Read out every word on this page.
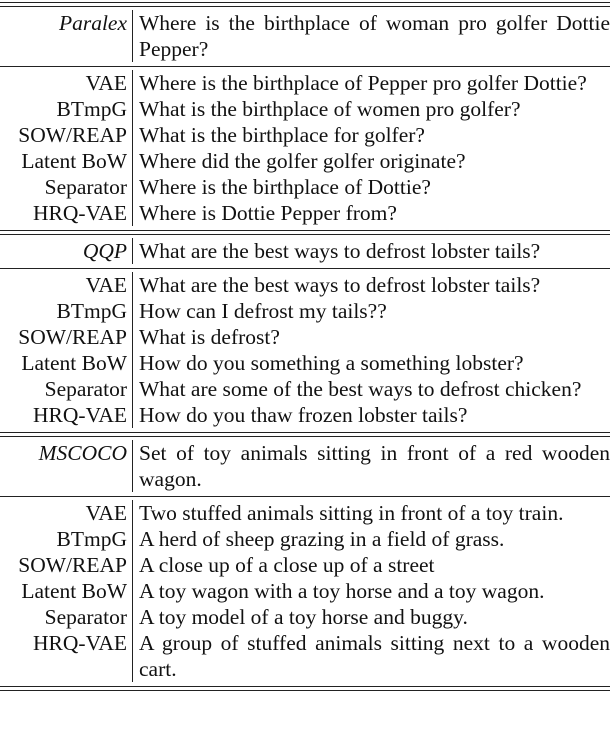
Paralex Where is the birthplace of woman pro golfer Dottie Pepper?
VAE Where is the birthplace of Pepper pro golfer Dottie?
BTmpG What is the birthplace of women pro golfer?
SOW/REAP What is the birthplace for golfer?
Latent BoW Where did the golfer golfer originate?
Separator Where is the birthplace of Dottie?
HRQ-VAE Where is Dottie Pepper from?
QQP What are the best ways to defrost lobster tails?
VAE What are the best ways to defrost lobster tails?
BTmpG How can I defrost my tails??
SOW/REAP What is defrost?
Latent BoW How do you something a something lobster?
Separator What are some of the best ways to defrost chicken?
HRQ-VAE How do you thaw frozen lobster tails?
MSCOCO Set of toy animals sitting in front of a red wooden wagon.
VAE Two stuffed animals sitting in front of a toy train.
BTmpG A herd of sheep grazing in a field of grass.
SOW/REAP A close up of a close up of a street
Latent BoW A toy wagon with a toy horse and a toy wagon.
Separator A toy model of a toy horse and buggy.
HRQ-VAE A group of stuffed animals sitting next to a wooden cart.
